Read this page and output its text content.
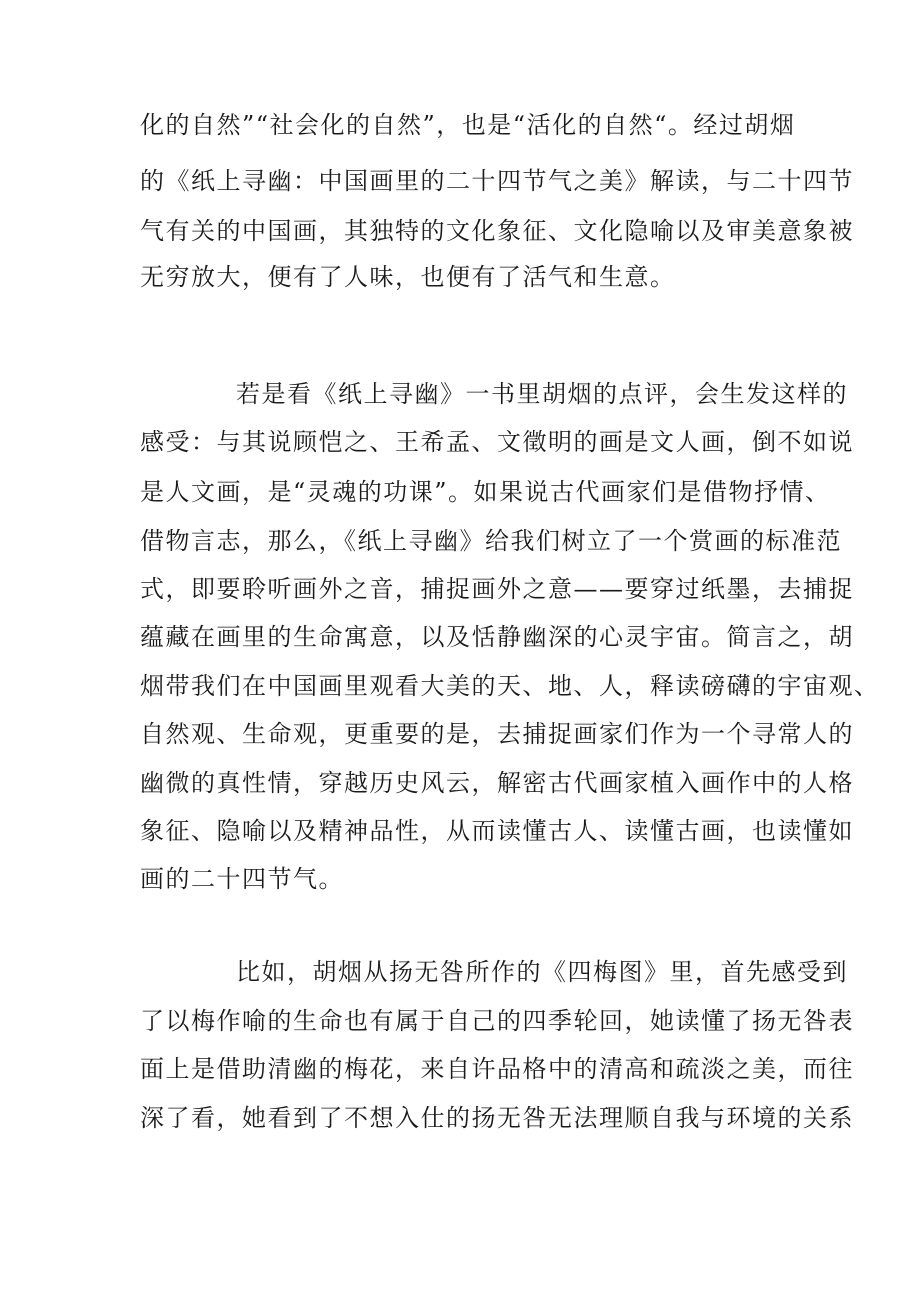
化的自然”“社会化的自然”，也是“活化的自然“。经过胡烟
的《纸上寻幽：中国画里的二十四节气之美》解读，与二十四节
气有关的中国画，其独特的文化象征、文化隐喻以及审美意象被
无穷放大，便有了人味，也便有了活气和生意。
若是看《纸上寻幽》一书里胡烟的点评，会生发这样的
感受：与其说顾恺之、王希孟、文徵明的画是文人画，倒不如说
是人文画，是“灵魂的功课”。如果说古代画家们是借物抒情、
借物言志，那么，《纸上寻幽》给我们树立了一个赏画的标准范
式，即要聆听画外之音，捕捉画外之意——要穿过纸墨，去捕捉
蕴藏在画里的生命寓意，以及恬静幽深的心灵宇宙。简言之，胡
烟带我们在中国画里观看大美的天、地、人，释读磅礴的宇宙观、
自然观、生命观，更重要的是，去捕捉画家们作为一个寻常人的
幽微的真性情，穿越历史风云，解密古代画家植入画作中的人格
象征、隐喻以及精神品性，从而读懂古人、读懂古画，也读懂如
画的二十四节气。
比如，胡烟从扬无咎所作的《四梅图》里，首先感受到
了以梅作喻的生命也有属于自己的四季轮回，她读懂了扬无咎表
面上是借助清幽的梅花，来自许品格中的清高和疏淡之美，而往
深了看，她看到了不想入仕的扬无咎无法理顺自我与环境的关系
